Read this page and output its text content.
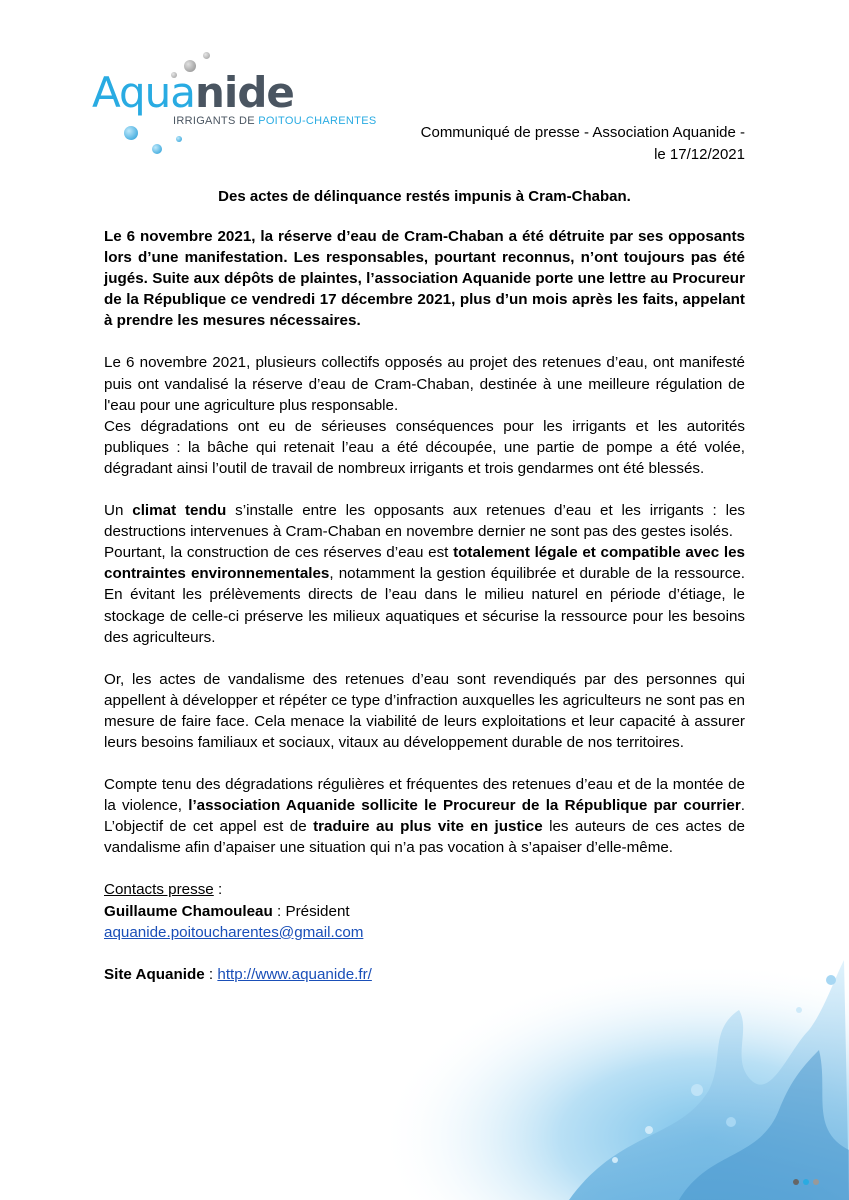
Aquanide
IRRIGANTS DE POITOU-CHARENTES
Communiqué de presse - Association Aquanide -
le 17/12/2021
Des actes de délinquance restés impunis à Cram-Chaban.

Le 6 novembre 2021, la réserve d’eau de Cram-Chaban a été détruite par ses opposants lors d’une manifestation. Les responsables, pourtant reconnus, n’ont toujours pas été jugés. Suite aux dépôts de plaintes, l’association Aquanide porte une lettre au Procureur de la République ce vendredi 17 décembre 2021, plus d’un mois après les faits, appelant à prendre les mesures nécessaires.

Le 6 novembre 2021, plusieurs collectifs opposés au projet des retenues d’eau, ont manifesté puis ont vandalisé la réserve d’eau de Cram-Chaban, destinée à une meilleure régulation de l'eau pour une agriculture plus responsable.

Ces dégradations ont eu de sérieuses conséquences pour les irrigants et les autorités publiques : la bâche qui retenait l’eau a été découpée, une partie de pompe a été volée, dégradant ainsi l’outil de travail de nombreux irrigants et trois gendarmes ont été blessés.

Un climat tendu s’installe entre les opposants aux retenues d’eau et les irrigants : les destructions intervenues à Cram-Chaban en novembre dernier ne sont pas des gestes isolés.

Pourtant, la construction de ces réserves d’eau est totalement légale et compatible avec les contraintes environnementales, notamment la gestion équilibrée et durable de la ressource. En évitant les prélèvements directs de l’eau dans le milieu naturel en période d’étiage, le stockage de celle-ci préserve les milieux aquatiques et sécurise la ressource pour les besoins des agriculteurs.

Or, les actes de vandalisme des retenues d’eau sont revendiqués par des personnes qui appellent à développer et répéter ce type d’infraction auxquelles les agriculteurs ne sont pas en mesure de faire face. Cela menace la viabilité de leurs exploitations et leur capacité à assurer leurs besoins familiaux et sociaux, vitaux au développement durable de nos territoires.

Compte tenu des dégradations régulières et fréquentes des retenues d’eau et de la montée de la violence, l’association Aquanide sollicite le Procureur de la République par courrier. L’objectif de cet appel est de traduire au plus vite en justice les auteurs de ces actes de vandalisme afin d’apaiser une situation qui n’a pas vocation à s’apaiser d’elle-même.

Contacts presse :
Guillaume Chamouleau : Président
aquanide.poitoucharentes@gmail.com
Site Aquanide : http://www.aquanide.fr/
